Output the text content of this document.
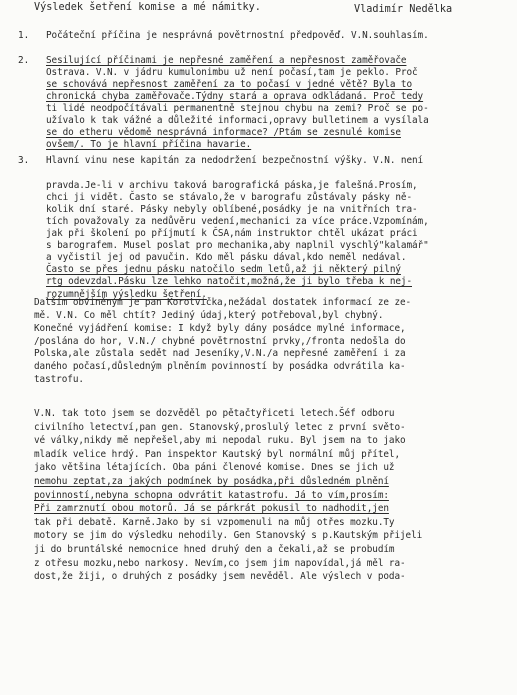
Výsledek šetření komise a mé námitky.	Vladimír Nedělka
1. Počáteční příčina je nesprávná povětrnostní předpověď. V.N.souhlasím.
2. Sesilující příčinami je nepřesné zaměření a nepřesnost zaměřovače
Ostrava. V.N. v jádru kumulonimbu už není počasí,tam je peklo. Proč
se schovává nepřesnost zaměření za to počasí v jedné větě? Byla to
chronická chyba zaměřovače.Týdny stará a oprava odkládaná. Proč tedy
ti lidé neodpočítávali permanentně stejnou chybu na zemi? Proč se po-
užívalo k tak vážné a důležité informaci,opravy bulletinem a vysílala
se do etheru vědomě nesprávná informace? /Ptám se zesnulé komise
ovšem/. To je hlavní příčina havarie.
3. Hlavní vinu nese kapitán za nedodržení bezpečnostní výšky. V.N. není
pravda.Je-li v archivu taková barografická páska,je falešná.Prosím,
chci ji vidět. Často se stávalo,že v barografu zůstávaly pásky ně-
kolik dní staré. Pásky nebyly oblíbené,posádky je na vnitřních tra-
tích považovaly za nedůvěru vedení,mechanici za více práce.Vzpomínám,
jak při školení po příjmutí k ČSA,nám instruktor chtěl ukázat práci
s barografem. Musel poslat pro mechanika,aby naplnil vyschlý"kalamář"
a vyčistil jej od pavučin. Kdo měl pásku dával,kdo neměl nedával.
Často se přes jednu pásku natočilo sedm letů,až ji některý pilný
rtg odevzdal.Pásku lze lehko natočit,možná,že ji bylo třeba k nej-
rozumnějším výsledku šetření.
Dalším obviněným je pan Korotvička,nežádal dostatek informací ze ze-
mě. V.N. Co měl chtít? Jediný údaj,který potřeboval,byl chybný.
Konečné vyjádření komise: I když byly dány posádce mylné informace,
/poslána do hor, V.N./ chybné povětrnostní prvky,/fronta nedošla do
Polska,ale zůstala sedět nad Jeseníky,V.N./a nepřesné zaměření i za
daného počasí,důsledným plněním povinností by posádka odvrátila ka-
tastrofu.
V.N. tak toto jsem se dozvěděl po pětačtyřiceti letech.Šéf odboru
civilního letectví,pan gen. Stanovský,proslulý letec z první světo-
vé války,nikdy mě nepřešel,aby mi nepodal ruku. Byl jsem na to jako
mladík velice hrdý. Pan inspektor Kautský byl normální můj přítel,
jako většina létajících. Oba páni členové komise. Dnes se jich už
nemohu zeptat,za jakých podmínek by posádka,při důsledném plnění
povinností,nebyna schopna odvrátit katastrofu. Já to vím,prosím:
Při zamrznutí obou motorů. Já se párkrát pokusil to nadhodit,jen
tak při debatě. Karně.Jako by si vzpomenuli na můj otřes mozku.Ty
motory se jim do výsledku nehodily. Gen Stanovský s p.Kautským přijeli
ji do bruntálské nemocnice hned druhý den a čekali,až se probudím
z otřesu mozku,nebo narkosy. Nevím,co jsem jim napovídal,já měl ra-
dost,že žiji, o druhých z posádky jsem nevěděl. Ale výslech v poda-
